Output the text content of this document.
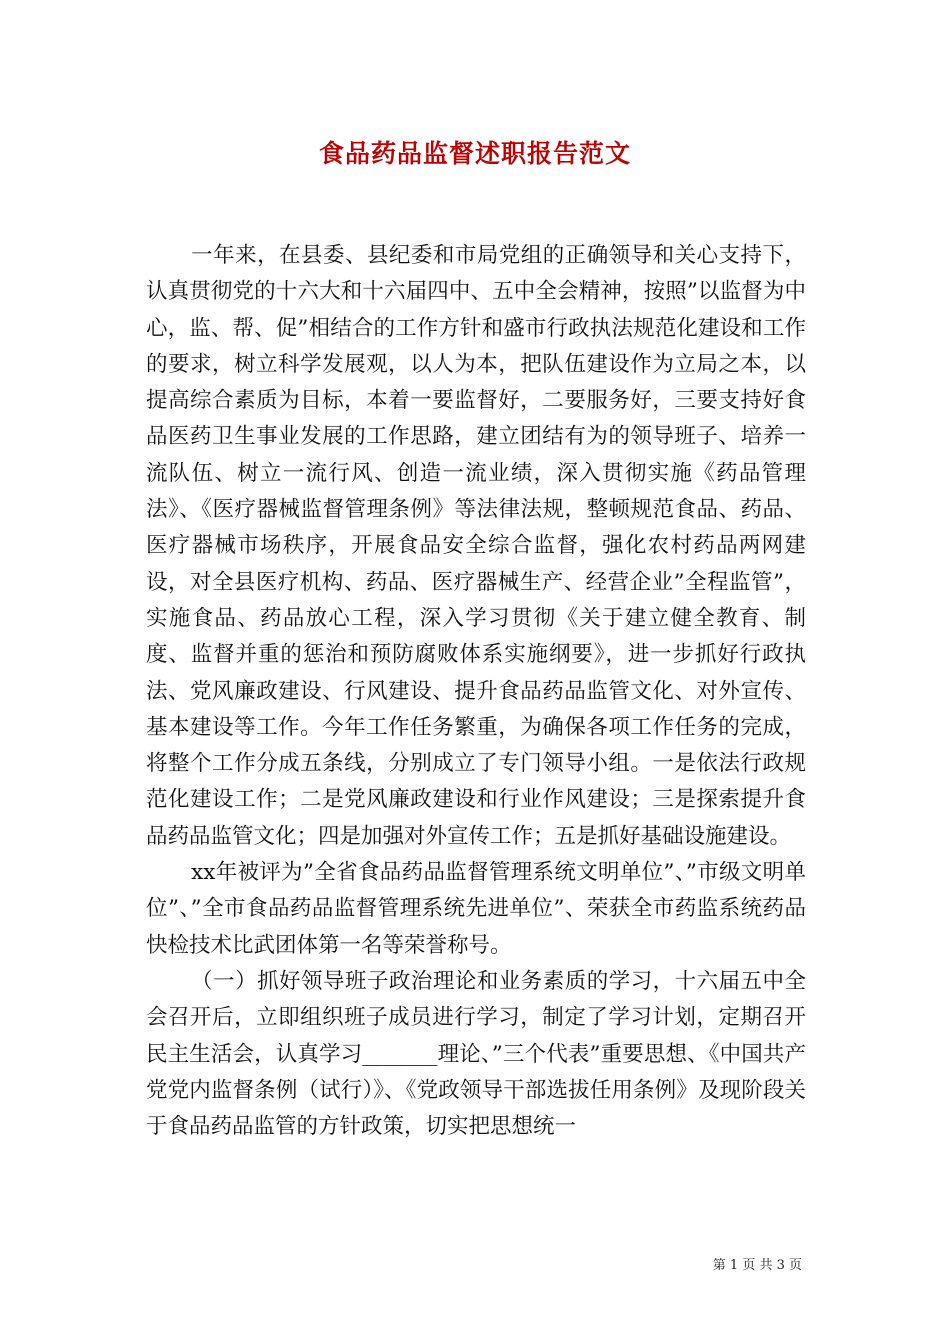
食品药品监督述职报告范文

一年来，在县委、县纪委和市局党组的正确领导和关心支持下，认真贯彻党的十六大和十六届四中、五中全会精神，按照”以监督为中心，监、帮、促”相结合的工作方针和盛市行政执法规范化建设和工作的要求，树立科学发展观，以人为本，把队伍建设作为立局之本，以提高综合素质为目标，本着一要监督好，二要服务好，三要支持好食品医药卫生事业发展的工作思路，建立团结有为的领导班子、培养一流队伍、树立一流行风、创造一流业绩，深入贯彻实施《药品管理法》、《医疗器械监督管理条例》等法律法规，整顿规范食品、药品、医疗器械市场秩序，开展食品安全综合监督，强化农村药品两网建设，对全县医疗机构、药品、医疗器械生产、经营企业”全程监管”，实施食品、药品放心工程，深入学习贯彻《关于建立健全教育、制度、监督并重的惩治和预防腐败体系实施纲要》，进一步抓好行政执法、党风廉政建设、行风建设、提升食品药品监管文化、对外宣传、基本建设等工作。今年工作任务繁重，为确保各项工作任务的完成，将整个工作分成五条线，分别成立了专门领导小组。一是依法行政规范化建设工作；二是党风廉政建设和行业作风建设；三是探索提升食品药品监管文化；四是加强对外宣传工作；五是抓好基础设施建设。

xx年被评为”全省食品药品监督管理系统文明单位”、”市级文明单位”、”全市食品药品监督管理系统先进单位”、荣获全市药监系统药品快检技术比武团体第一名等荣誉称号。

（一）抓好领导班子政治理论和业务素质的学习，十六届五中全会召开后，立即组织班子成员进行学习，制定了学习计划，定期召开民主生活会，认真学习_______理论、”三个代表”重要思想、《中国共产党党内监督条例（试行）》、《党政领导干部选拔任用条例》及现阶段关于食品药品监管的方针政策，切实把思想统一

第 1 页 共 3 页
